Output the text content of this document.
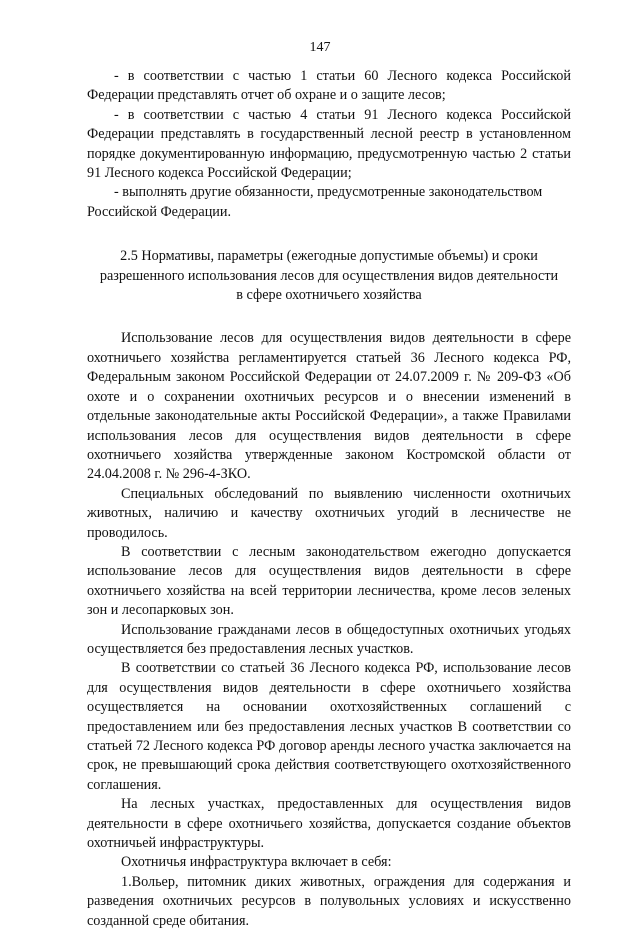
147

- в соответствии с частью 1 статьи 60 Лесного кодекса Российской Федерации представлять отчет об охране и о защите лесов;

- в соответствии с частью 4 статьи 91 Лесного кодекса Российской Федерации представлять в государственный лесной реестр в установленном порядке документированную информацию, предусмотренную частью 2 статьи 91 Лесного кодекса Российской Федерации;

- выполнять другие обязанности, предусмотренные законодательством Российской Федерации.

2.5 Нормативы, параметры (ежегодные допустимые объемы) и сроки
разрешенного использования лесов для осуществления видов деятельности
в сфере охотничьего хозяйства

Использование лесов для осуществления видов деятельности в сфере охотничьего хозяйства регламентируется статьей 36 Лесного кодекса РФ, Федеральным законом Российской Федерации от 24.07.2009 г. № 209-ФЗ «Об охоте и о сохранении охотничьих ресурсов и о внесении изменений в отдельные законодательные акты Российской Федерации», а также Правилами использования лесов для осуществления видов деятельности в сфере охотничьего хозяйства утвержденные законом Костромской области от 24.04.2008 г. № 296-4-ЗКО.

Специальных обследований по выявлению численности охотничьих животных, наличию и качеству охотничьих угодий в лесничестве не проводилось.

В соответствии с лесным законодательством ежегодно допускается использование лесов для осуществления видов деятельности в сфере охотничьего хозяйства на всей территории лесничества, кроме лесов зеленых зон и лесопарковых зон.

Использование гражданами лесов в общедоступных охотничьих угодьях осуществляется без предоставления лесных участков.

В соответствии со статьей 36 Лесного кодекса РФ, использование лесов для осуществления видов деятельности в сфере охотничьего хозяйства осуществляется на основании охотхозяйственных соглашений с предоставлением или без предоставления лесных участков В соответствии со статьей 72 Лесного кодекса РФ договор аренды лесного участка заключается на срок, не превышающий срока действия соответствующего охотхозяйственного соглашения.

На лесных участках, предоставленных для осуществления видов деятельности в сфере охотничьего хозяйства, допускается создание объектов охотничьей инфраструктуры.

Охотничья инфраструктура включает в себя:

1.Вольер, питомник диких животных, ограждения для содержания и разведения охотничьих ресурсов в полувольных условиях и искусственно созданной среде обитания.
